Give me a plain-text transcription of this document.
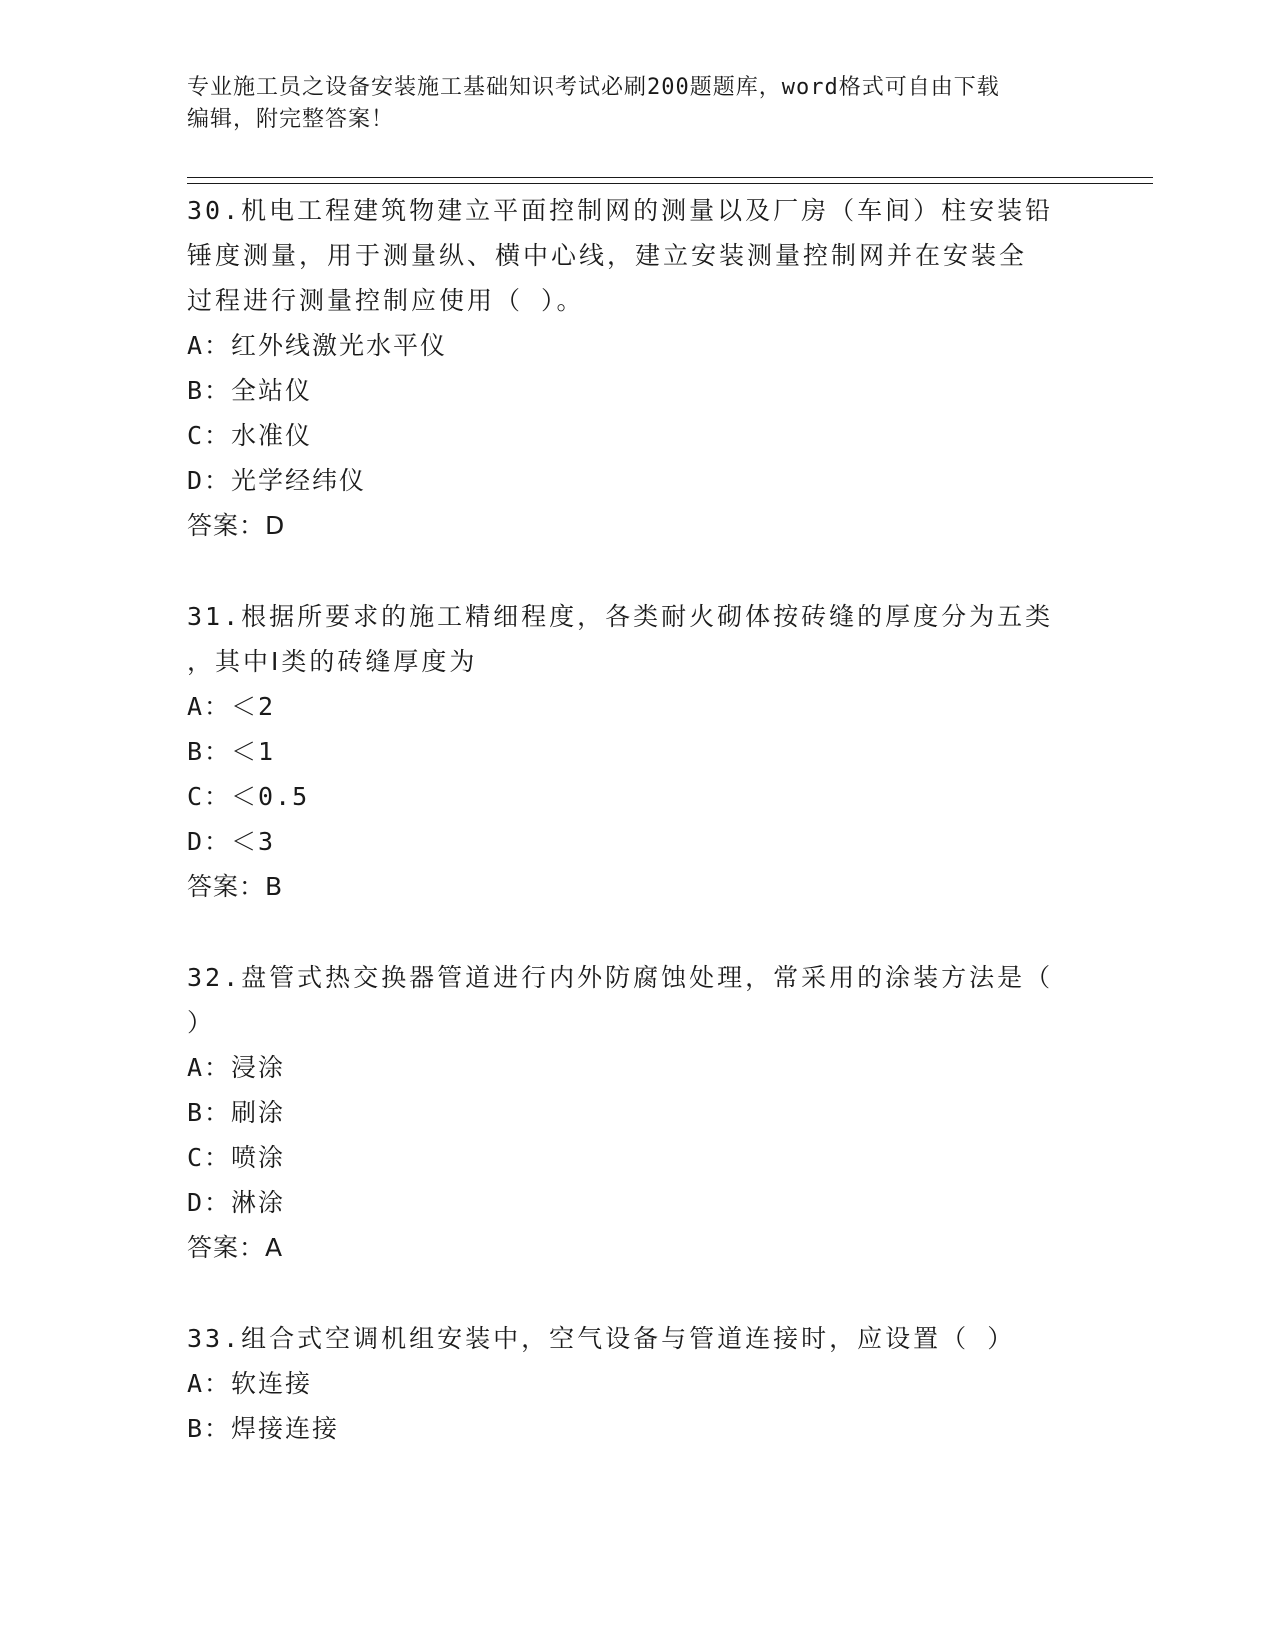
专业施工员之设备安装施工基础知识考试必刷200题题库，word格式可自由下载
编辑，附完整答案！

30.机电工程建筑物建立平面控制网的测量以及厂房（车间）柱安装铅

锤度测量，用于测量纵、横中心线，建立安装测量控制网并在安装全

过程进行测量控制应使用（ ）。

A：红外线激光水平仪

B：全站仪

C：水准仪

D：光学经纬仪

答案：D

31.根据所要求的施工精细程度，各类耐火砌体按砖缝的厚度分为五类

，其中Ⅰ类的砖缝厚度为

A：＜2

B：＜1

C：＜0.5

D：＜3

答案：B

32.盘管式热交换器管道进行内外防腐蚀处理，常采用的涂装方法是（

）

A：浸涂

B：刷涂

C：喷涂

D：淋涂

答案：A

33.组合式空调机组安装中，空气设备与管道连接时，应设置（ ）

A：软连接

B：焊接连接
